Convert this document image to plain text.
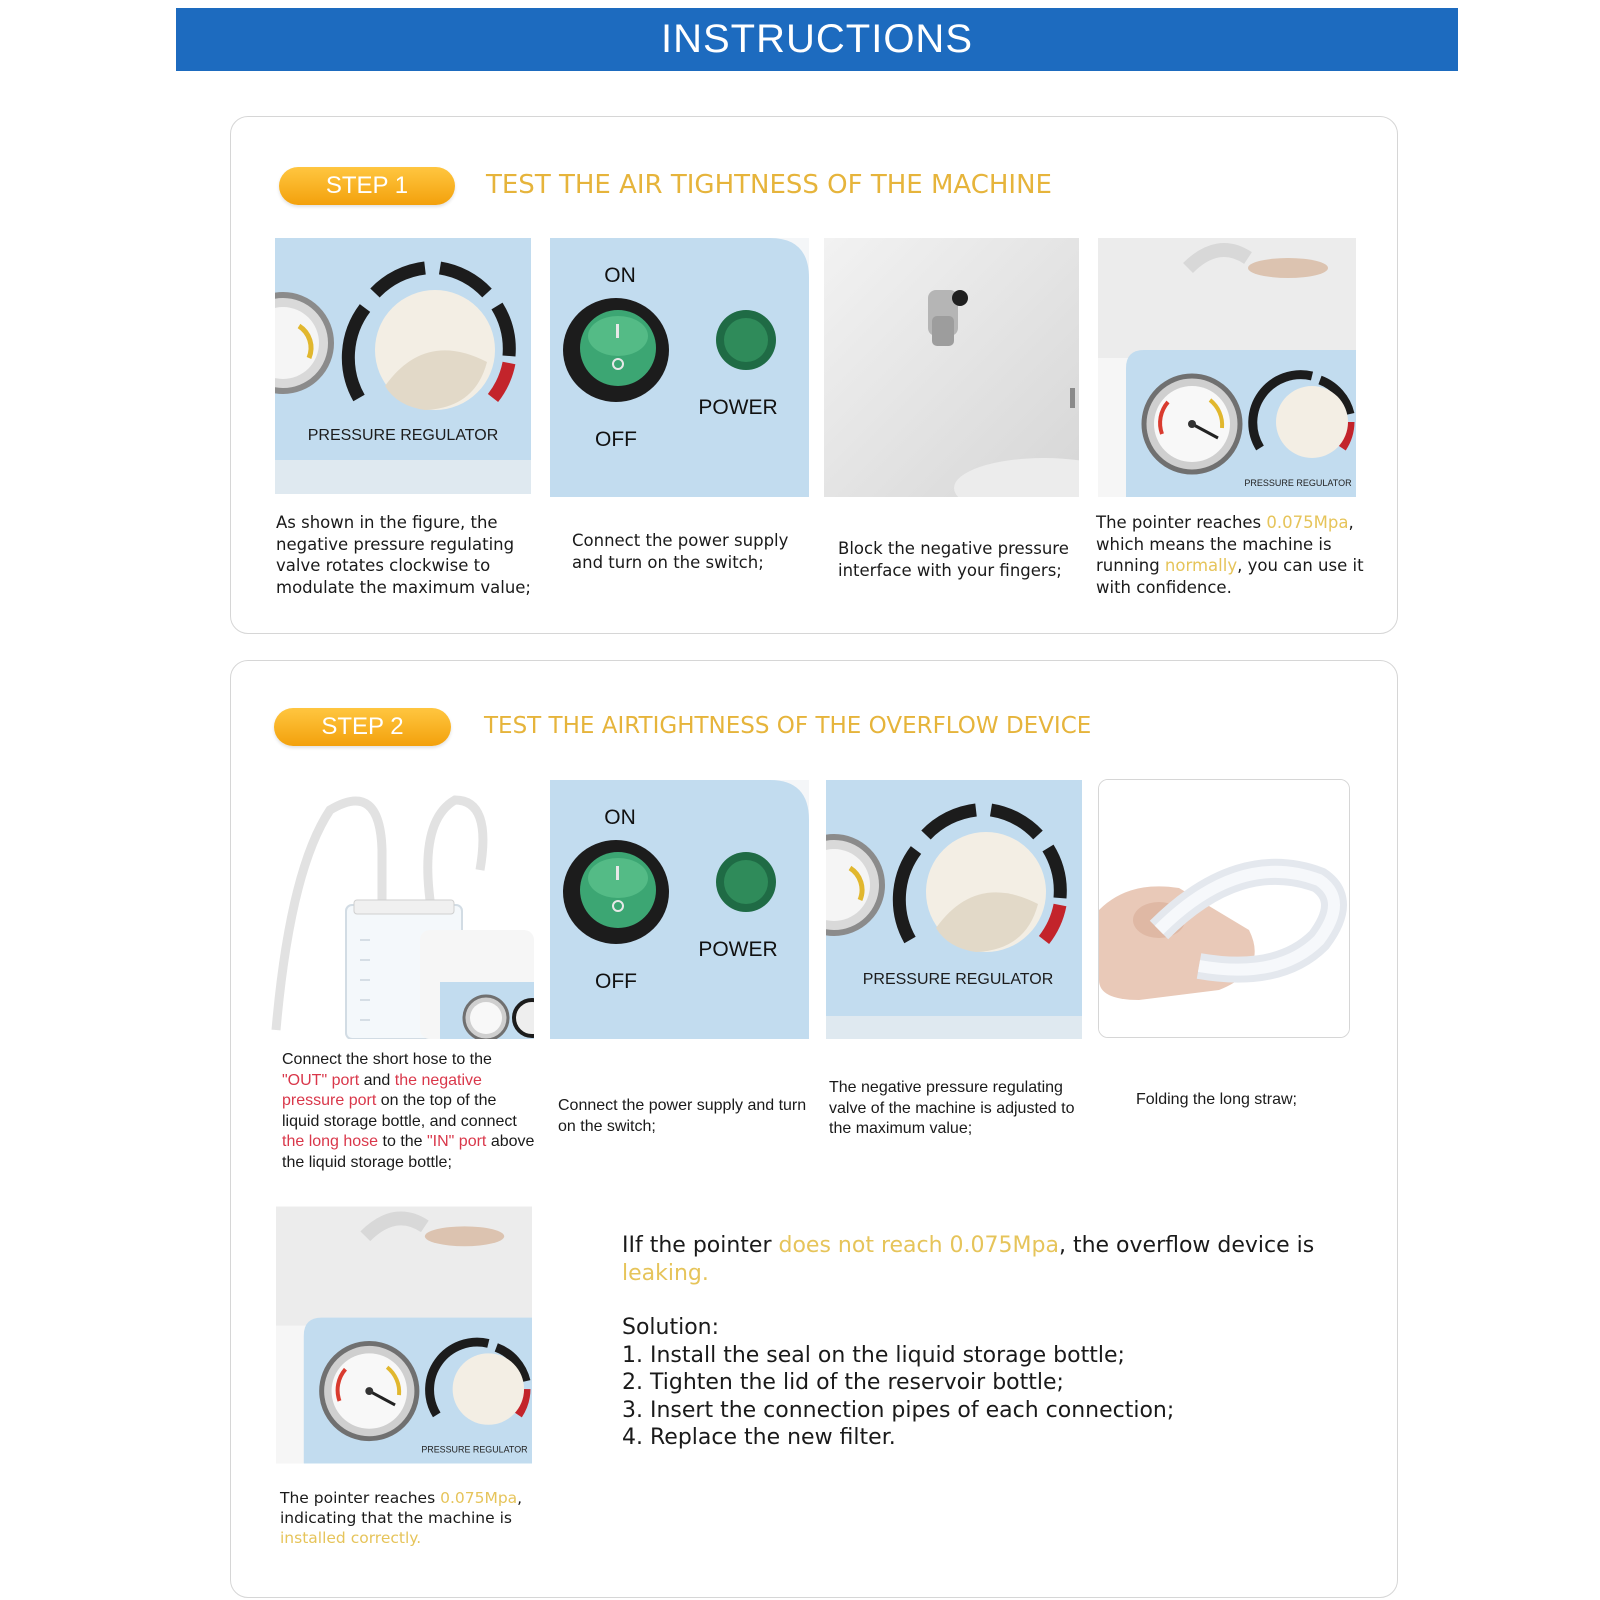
INSTRUCTIONS
STEP 1	TEST THE AIR TIGHTNESS OF THE MACHINE
PRESSURE REGULATOR
ON
POWER
OFF
PRESSURE REGULATOR
As shown in the figure, the negative pressure regulating valve rotates clockwise to modulate the maximum value;
Connect the power supply and turn on the switch;
Block the negative pressure interface with your fingers;
The pointer reaches 0.075Mpa, which means the machine is running normally, you can use it with confidence.
STEP 2	TEST THE AIRTIGHTNESS OF THE OVERFLOW DEVICE
ON
POWER
OFF	PRESSURE REGULATOR
Connect the short hose to the "OUT" port and the negative pressure port on the top of the liquid storage bottle, and connect the long hose to the "IN" port above the liquid storage bottle;
Connect the power supply and turn on the switch;
The negative pressure regulating valve of the machine is adjusted to the maximum value;
Folding the long straw;
PRESSURE REGULATOR
The pointer reaches 0.075Mpa, indicating that the machine is installed correctly.

IIf the pointer does not reach 0.075Mpa, the overflow device is leaking.

Solution:

1. Install the seal on the liquid storage bottle;

2. Tighten the lid of the reservoir bottle;

3. Insert the connection pipes of each connection;

4. Replace the new filter.
